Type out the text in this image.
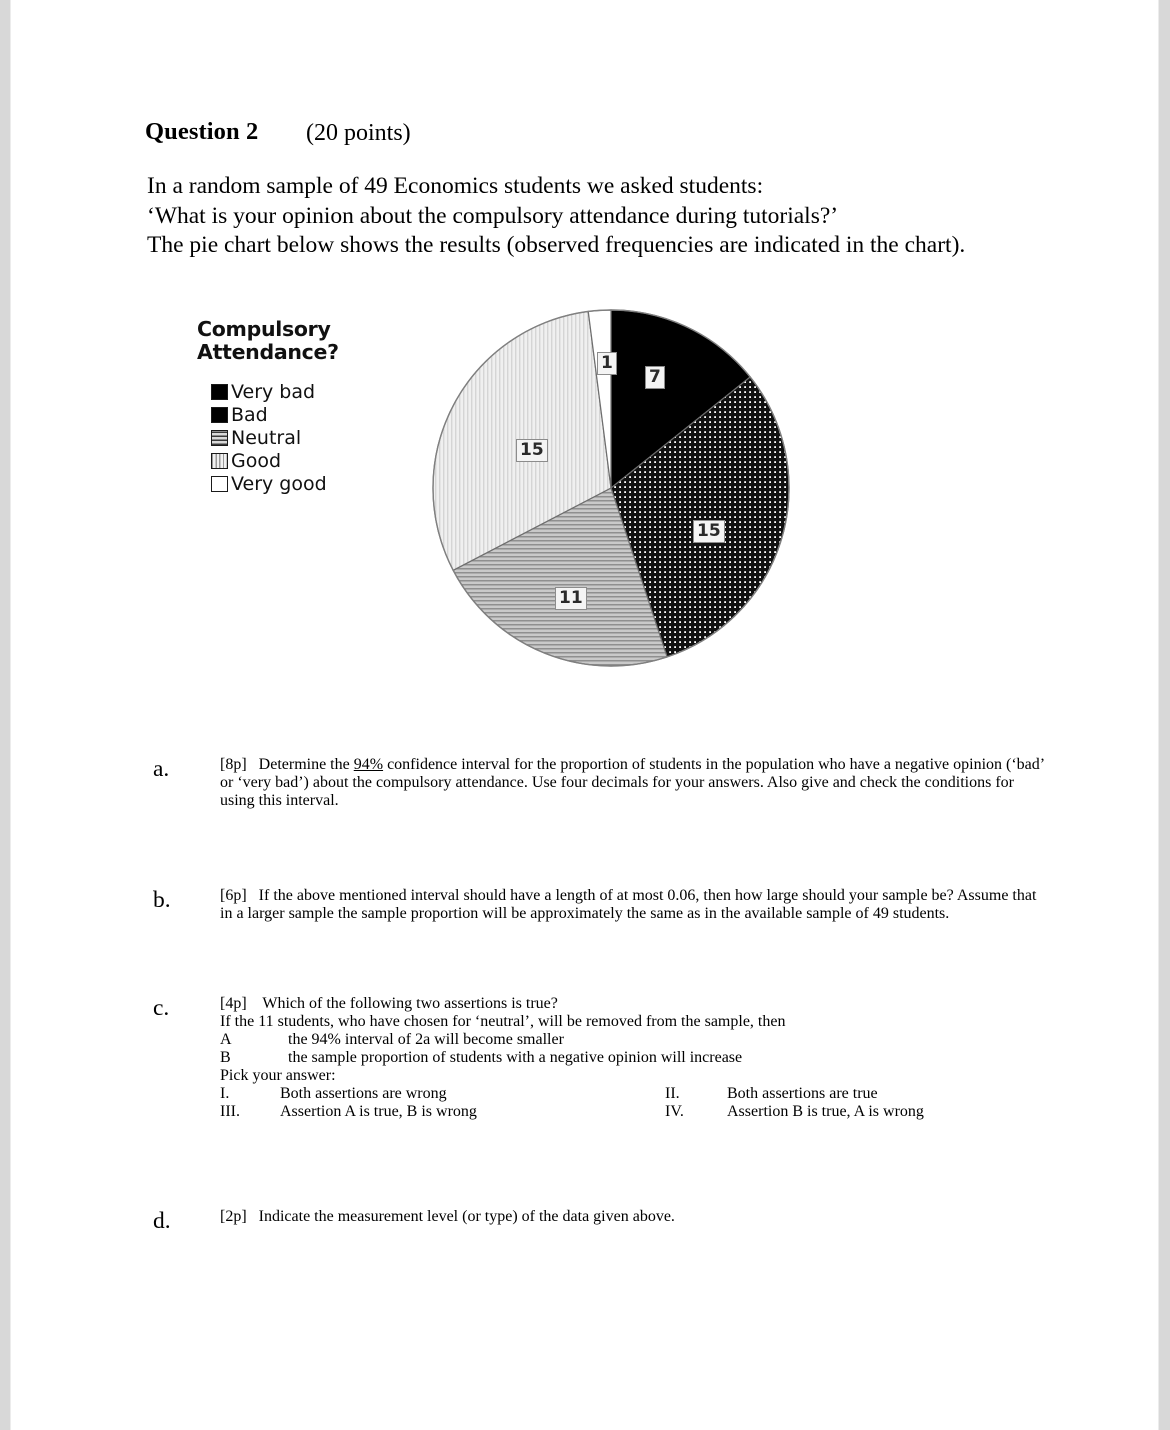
Question 2 (20 points)
In a random sample of 49 Economics students we asked students:
‘What is your opinion about the compulsory attendance during tutorials?’
The pie chart below shows the results (observed frequencies are indicated in the chart).
Compulsory
Attendance?
Very bad
Bad
Neutral
Good
Very good
7
15
11
15
1
a.	[8p] Determine the 94% confidence interval for the proportion of students in the population who have a negative opinion (‘bad’ or ‘very bad’) about the compulsory attendance. Use four decimals for your answers. Also give and check the conditions for using this interval.

b.	[6p] If the above mentioned interval should have a length of at most 0.06, then how large should your sample be? Assume that in a larger sample the sample proportion will be approximately the same as in the available sample of 49 students.

c.	[4p] Which of the following two assertions is true?

If the 11 students, who have chosen for ‘neutral’, will be removed from the sample, then

A	the 94% interval of 2a will become smaller
B	the sample proportion of students with a negative opinion will increase

Pick your answer:

I.	Both assertions are wrong	II.	Both assertions are true
III.	Assertion A is true, B is wrong	IV.	Assertion B is true, A is wrong
d.	[2p] Indicate the measurement level (or type) of the data given above.
